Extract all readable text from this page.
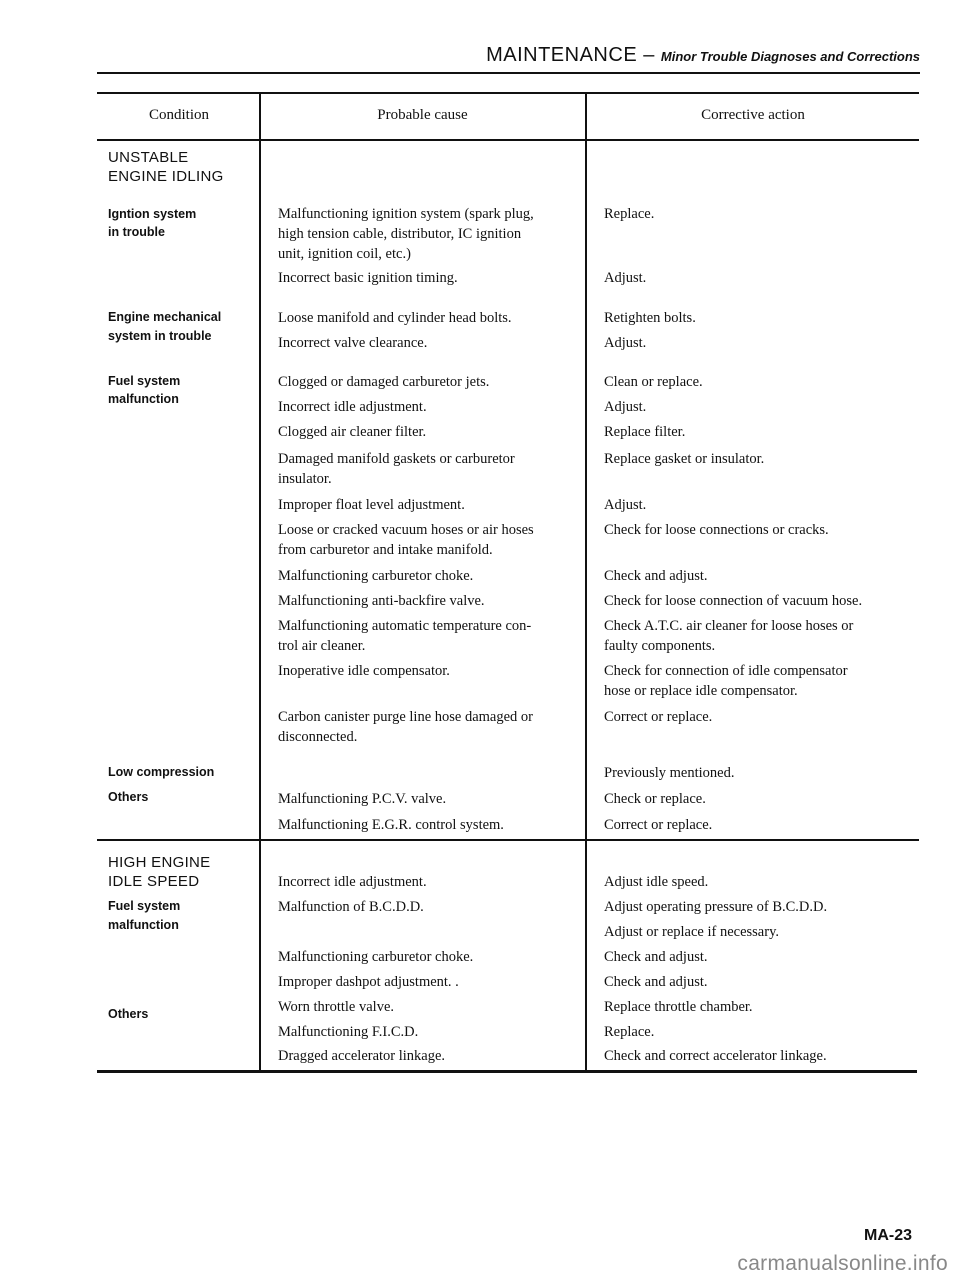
MAINTENANCE – Minor Trouble Diagnoses and Corrections
Condition	Probable cause	Corrective action
UNSTABLE
ENGINE IDLING
Igntion system
in trouble
Engine mechanical
system in trouble
Fuel system
malfunction
Low compression
Others
HIGH ENGINE
IDLE SPEED
Fuel system
malfunction
Others
Malfunctioning ignition system (spark plug,
high tension cable, distributor, IC ignition
unit, ignition coil, etc.)
Incorrect basic ignition timing.
Loose manifold and cylinder head bolts.
Incorrect valve clearance.
Clogged or damaged carburetor jets.
Incorrect idle adjustment.
Clogged air cleaner filter.
Damaged manifold gaskets or carburetor
insulator.
Improper float level adjustment.
Loose or cracked vacuum hoses or air hoses
from carburetor and intake manifold.
Malfunctioning carburetor choke.
Malfunctioning anti-backfire valve.
Malfunctioning automatic temperature con-
trol air cleaner.
Inoperative idle compensator.
Carbon canister purge line hose damaged or
disconnected.
Malfunctioning P.C.V. valve.
Malfunctioning E.G.R. control system.
Incorrect idle adjustment.
Malfunction of B.C.D.D.
Malfunctioning carburetor choke.
Improper dashpot adjustment. .
Worn throttle valve.
Malfunctioning F.I.C.D.
Dragged accelerator linkage.
Replace.
Adjust.
Retighten bolts.
Adjust.
Clean or replace.
Adjust.
Replace filter.
Replace gasket or insulator.
Adjust.
Check for loose connections or cracks.
Check and adjust.
Check for loose connection of vacuum hose.
Check A.T.C. air cleaner for loose hoses or
faulty components.
Check for connection of idle compensator
hose or replace idle compensator.
Correct or replace.
Previously mentioned.
Check or replace.
Correct or replace.
Adjust idle speed.
Adjust operating pressure of B.C.D.D.
Adjust or replace if necessary.
Check and adjust.
Check and adjust.
Replace throttle chamber.
Replace.
Check and correct accelerator linkage.
MA-23
carmanualsonline.info
